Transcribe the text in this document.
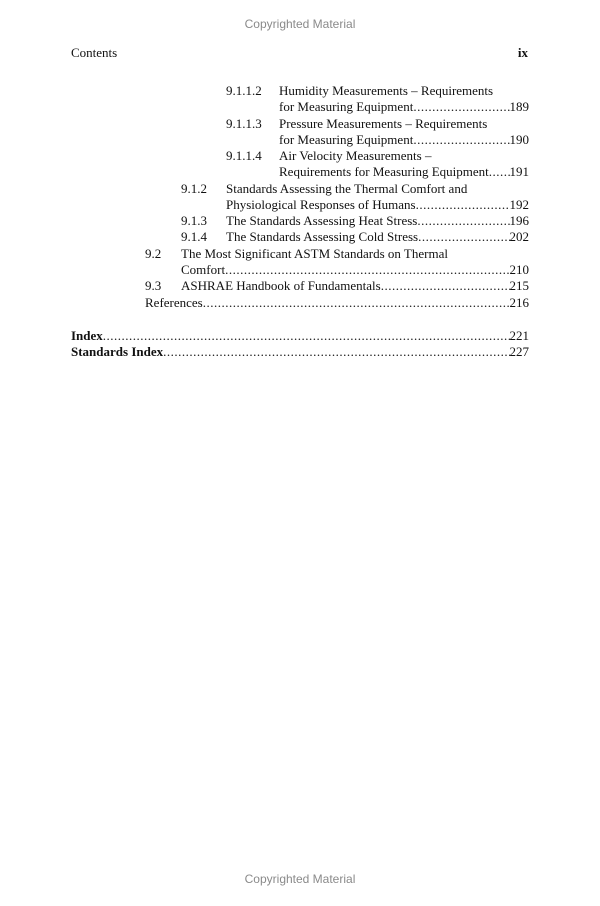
Copyrighted Material
Contents	ix
9.1.1.2 Humidity Measurements – Requirements
for Measuring Equipment .....	189
9.1.1.3 Pressure Measurements – Requirements
for Measuring Equipment .....	190
9.1.1.4 Air Velocity Measurements –
Requirements for Measuring Equipment ..... 191
9.1.2 Standards Assessing the Thermal Comfort and
Physiological Responses of Humans .....	192
9.1.3 The Standards Assessing Heat Stress .....	196
9.1.4 The Standards Assessing Cold Stress .....	202
9.2 The Most Significant ASTM Standards on Thermal
Comfort .....	210
9.3 ASHRAE Handbook of Fundamentals .....	215
References .....	216
Index .....	221
Standards Index .....	227
Copyrighted Material
